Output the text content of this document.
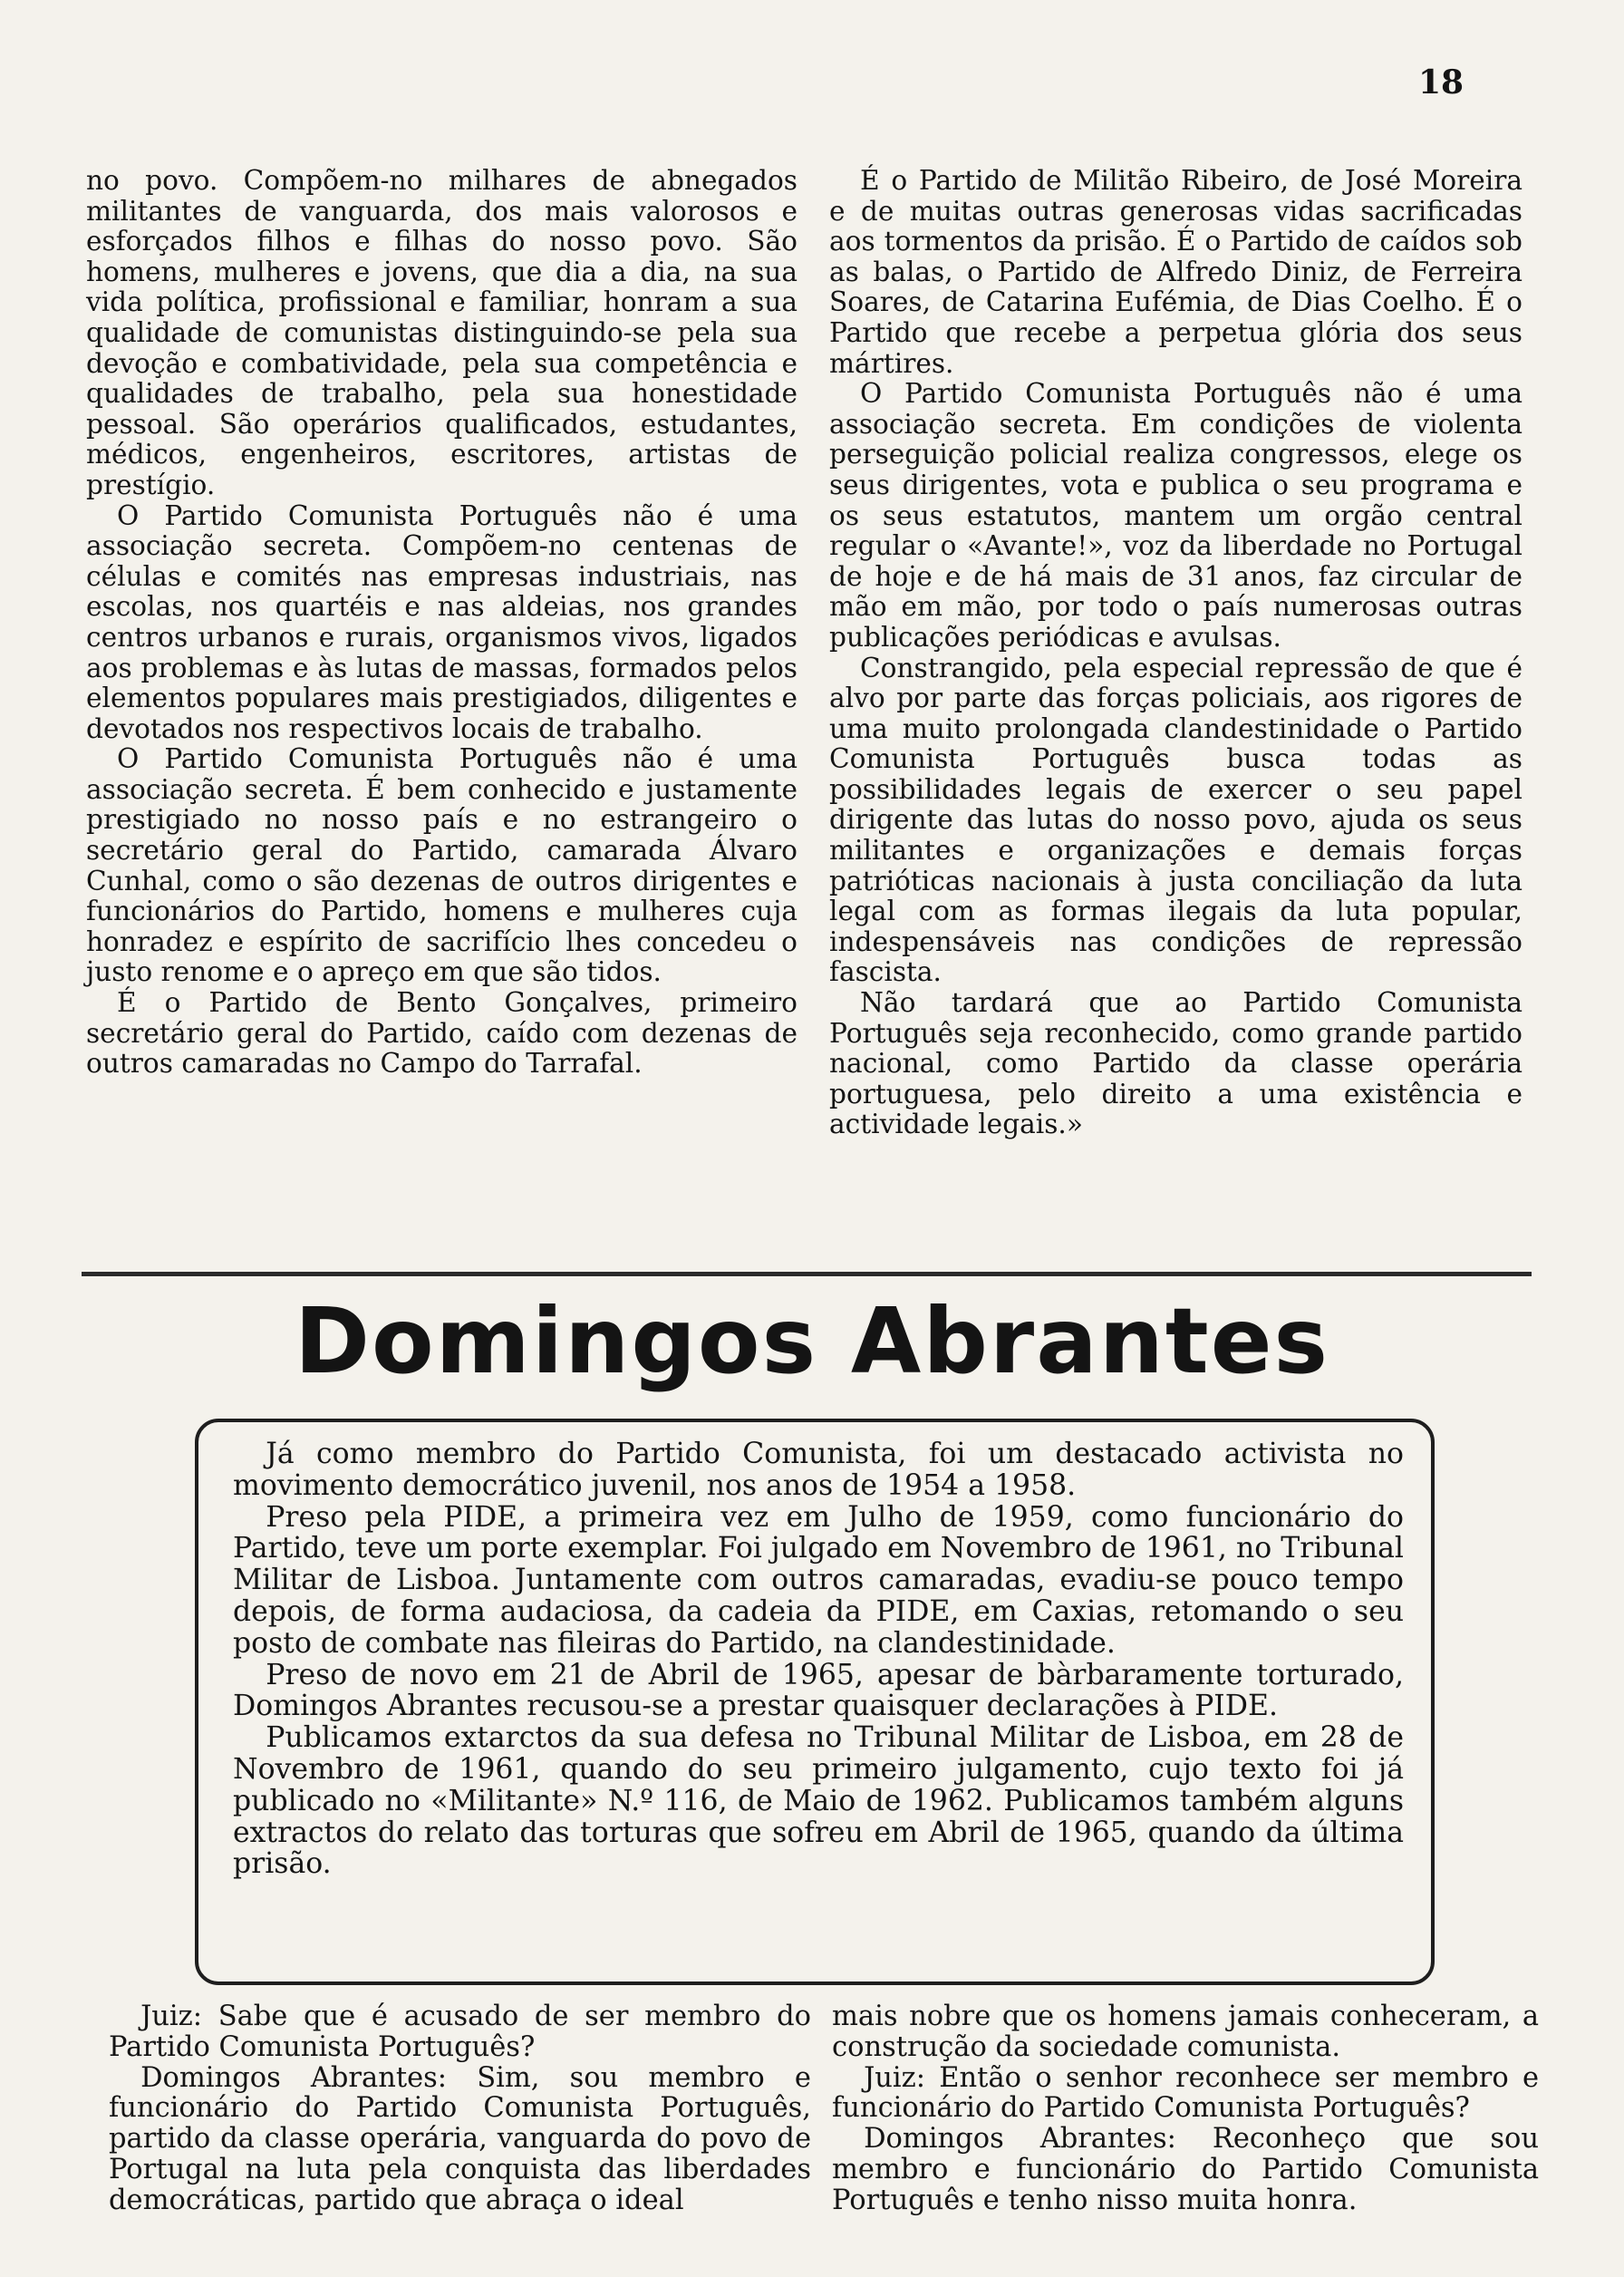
18

no povo. Compõem-no milhares de abnegados militantes de vanguarda, dos mais valorosos e esforçados filhos e filhas do nosso povo. São homens, mulheres e jovens, que dia a dia, na sua vida política, profissional e familiar, honram a sua qualidade de comunistas distinguindo-se pela sua devoção e combatividade, pela sua competência e qualidades de trabalho, pela sua honestidade pessoal. São operários qualificados, estudantes, médicos, engenheiros, escritores, artistas de prestígio.

O Partido Comunista Português não é uma associação secreta. Compõem-no centenas de células e comités nas empresas industriais, nas escolas, nos quartéis e nas aldeias, nos grandes centros urbanos e rurais, organismos vivos, ligados aos problemas e às lutas de massas, formados pelos elementos populares mais prestigiados, diligentes e devotados nos respectivos locais de trabalho.

O Partido Comunista Português não é uma associação secreta. É bem conhecido e justamente prestigiado no nosso país e no estrangeiro o secretário geral do Partido, camarada Álvaro Cunhal, como o são dezenas de outros dirigentes e funcionários do Partido, homens e mulheres cuja honradez e espírito de sacrifício lhes concedeu o justo renome e o apreço em que são tidos.

É o Partido de Bento Gonçalves, primeiro secretário geral do Partido, caído com dezenas de outros camaradas no Campo do Tarrafal.

É o Partido de Militão Ribeiro, de José Moreira e de muitas outras generosas vidas sacrificadas aos tormentos da prisão. É o Partido de caídos sob as balas, o Partido de Alfredo Diniz, de Ferreira Soares, de Catarina Eufémia, de Dias Coelho. É o Partido que recebe a perpetua glória dos seus mártires.

O Partido Comunista Português não é uma associação secreta. Em condições de violenta perseguição policial realiza congressos, elege os seus dirigentes, vota e publica o seu programa e os seus estatutos, mantem um orgão central regular o «Avante!», voz da liberdade no Portugal de hoje e de há mais de 31 anos, faz circular de mão em mão, por todo o país numerosas outras publicações periódicas e avulsas.

Constrangido, pela especial repressão de que é alvo por parte das forças policiais, aos rigores de uma muito prolongada clandestinidade o Partido Comunista Português busca todas as possibilidades legais de exercer o seu papel dirigente das lutas do nosso povo, ajuda os seus militantes e organizações e demais forças patrióticas nacionais à justa conciliação da luta legal com as formas ilegais da luta popular, indespensáveis nas condições de repressão fascista.

Não tardará que ao Partido Comunista Português seja reconhecido, como grande partido nacional, como Partido da classe operária portuguesa, pelo direito a uma existência e actividade legais.»

Domingos Abrantes

Já como membro do Partido Comunista, foi um destacado activista no movimento democrático juvenil, nos anos de 1954 a 1958.

Preso pela PIDE, a primeira vez em Julho de 1959, como funcionário do Partido, teve um porte exemplar. Foi julgado em Novembro de 1961, no Tribunal Militar de Lisboa. Juntamente com outros camaradas, evadiu-se pouco tempo depois, de forma audaciosa, da cadeia da PIDE, em Caxias, retomando o seu posto de combate nas fileiras do Partido, na clandestinidade.

Preso de novo em 21 de Abril de 1965, apesar de bàrbaramente torturado, Domingos Abrantes recusou-se a prestar quaisquer declarações à PIDE.

Publicamos extarctos da sua defesa no Tribunal Militar de Lisboa, em 28 de Novembro de 1961, quando do seu primeiro julgamento, cujo texto foi já publicado no «Militante» N.º 116, de Maio de 1962. Publicamos também alguns extractos do relato das torturas que sofreu em Abril de 1965, quando da última prisão.

Juiz: Sabe que é acusado de ser membro do Partido Comunista Português?

Domingos Abrantes: Sim, sou membro e funcionário do Partido Comunista Português, partido da classe operária, vanguarda do povo de Portugal na luta pela conquista das liberdades democráticas, partido que abraça o ideal

mais nobre que os homens jamais conheceram, a construção da sociedade comunista.

Juiz: Então o senhor reconhece ser membro e funcionário do Partido Comunista Português?

Domingos Abrantes: Reconheço que sou membro e funcionário do Partido Comunista Português e tenho nisso muita honra.
